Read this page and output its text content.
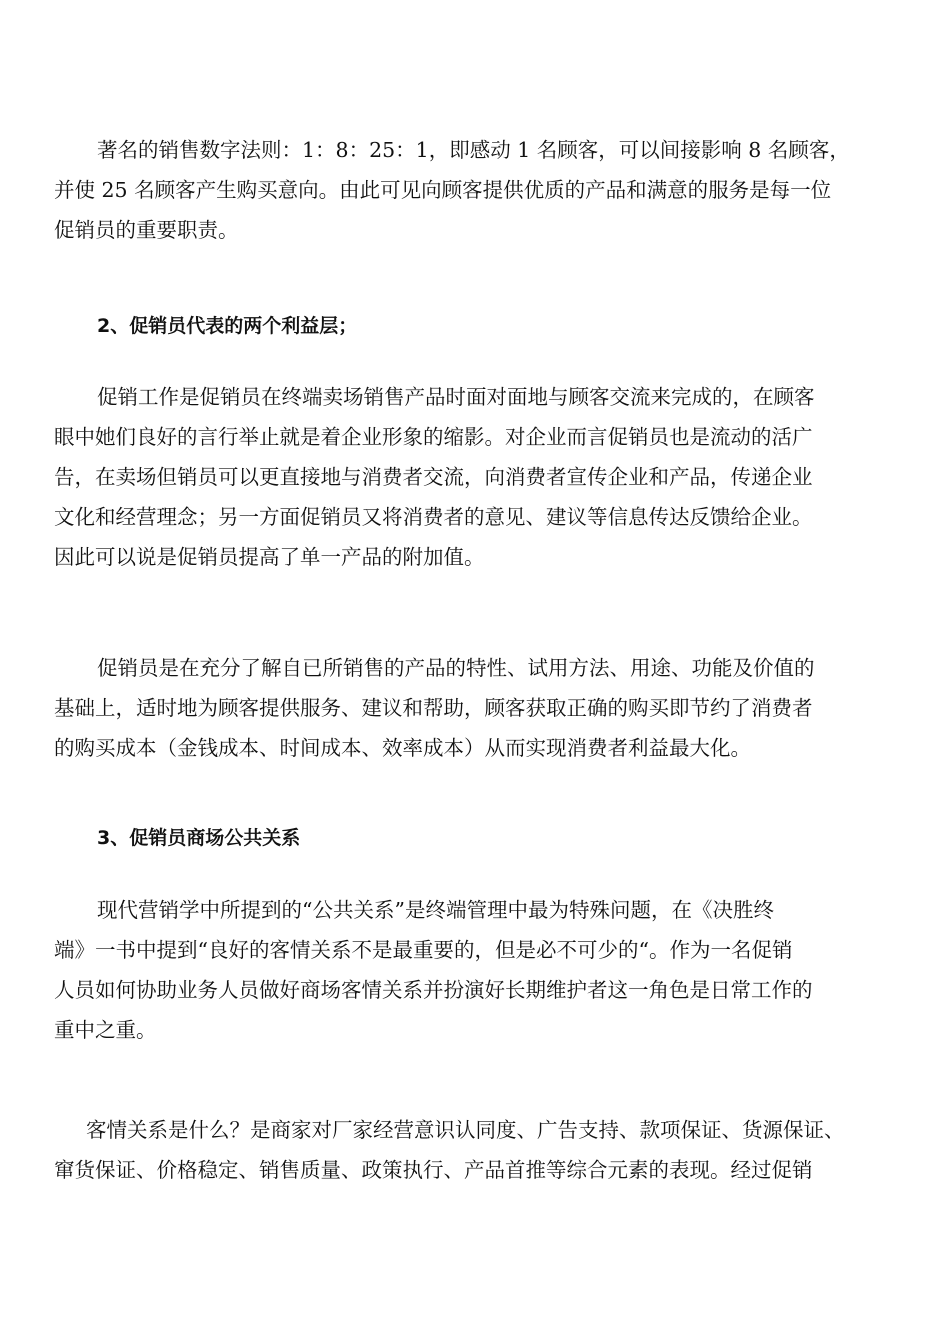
著名的销售数字法则：1：8：25：1，即感动 1 名顾客，可以间接影响 8 名顾客，
并使 25 名顾客产生购买意向。由此可见向顾客提供优质的产品和满意的服务是每一位
促销员的重要职责。
2、促销员代表的两个利益层；
促销工作是促销员在终端卖场销售产品时面对面地与顾客交流来完成的，在顾客
眼中她们良好的言行举止就是着企业形象的缩影。对企业而言促销员也是流动的活广
告，在卖场但销员可以更直接地与消费者交流，向消费者宣传企业和产品，传递企业
文化和经营理念；另一方面促销员又将消费者的意见、建议等信息传达反馈给企业。
因此可以说是促销员提高了单一产品的附加值。
促销员是在充分了解自已所销售的产品的特性、试用方法、用途、功能及价值的
基础上，适时地为顾客提供服务、建议和帮助，顾客获取正确的购买即节约了消费者
的购买成本（金钱成本、时间成本、效率成本）从而实现消费者利益最大化。
3、促销员商场公共关系
现代营销学中所提到的“公共关系”是终端管理中最为特殊问题，在《决胜终
端》一书中提到“良好的客情关系不是最重要的，但是必不可少的“。作为一名促销
人员如何协助业务人员做好商场客情关系并扮演好长期维护者这一角色是日常工作的
重中之重。
客情关系是什么？是商家对厂家经营意识认同度、广告支持、款项保证、货源保证、
窜货保证、价格稳定、销售质量、政策执行、产品首推等综合元素的表现。经过促销
